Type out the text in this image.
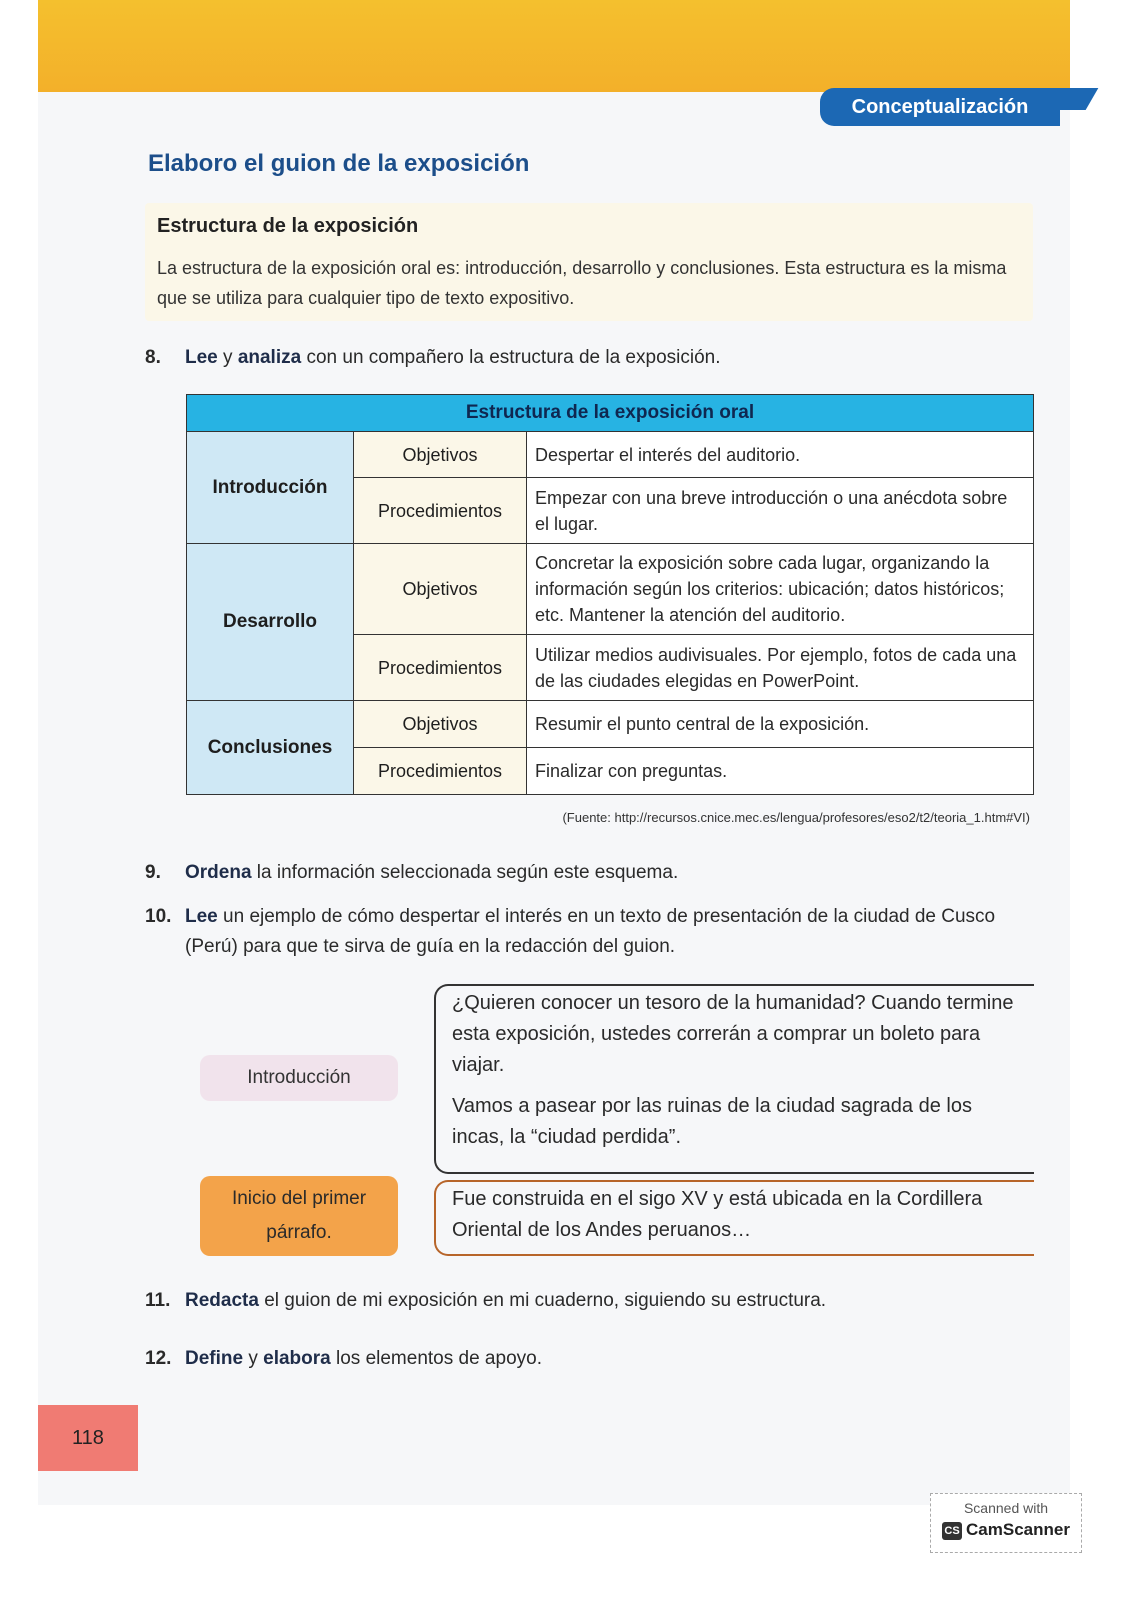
Conceptualización
Elaboro el guion de la exposición
Estructura de la exposición
La estructura de la exposición oral es: introducción, desarrollo y conclusiones. Esta estructura es la misma que se utiliza para cualquier tipo de texto expositivo.
8. Lee y analiza con un compañero la estructura de la exposición.
Estructura de la exposición oral		
Introducción	Objetivos	Despertar el interés del auditorio.
	Procedimientos	Empezar con una breve introducción o una anécdota sobre el lugar.
Desarrollo	Objetivos	Concretar la exposición sobre cada lugar, organizando la información según los criterios: ubicación; datos históricos; etc. Mantener la atención del auditorio.
	Procedimientos	Utilizar medios audivisuales. Por ejemplo, fotos de cada una de las ciudades elegidas en PowerPoint.
Conclusiones	Objetivos	Resumir el punto central de la exposición.
	Procedimientos	Finalizar con preguntas.
(Fuente: http://recursos.cnice.mec.es/lengua/profesores/eso2/t2/teoria_1.htm#VI)
9. Ordena la información seleccionada según este esquema.
10. Lee un ejemplo de cómo despertar el interés en un texto de presentación de la ciudad de Cusco (Perú) para que te sirva de guía en la redacción del guion.
Introducción
¿Quieren conocer un tesoro de la humanidad? Cuando termine esta exposición, ustedes correrán a comprar un boleto para viajar.
Vamos a pasear por las ruinas de la ciudad sagrada de los incas, la “ciudad perdida”.
Inicio del primer párrafo.
Fue construida en el sigo XV y está ubicada en la Cordillera Oriental de los Andes peruanos…
11. Redacta el guion de mi exposición en mi cuaderno, siguiendo su estructura.
12. Define y elabora los elementos de apoyo.
118
Scanned with
CS CamScanner
